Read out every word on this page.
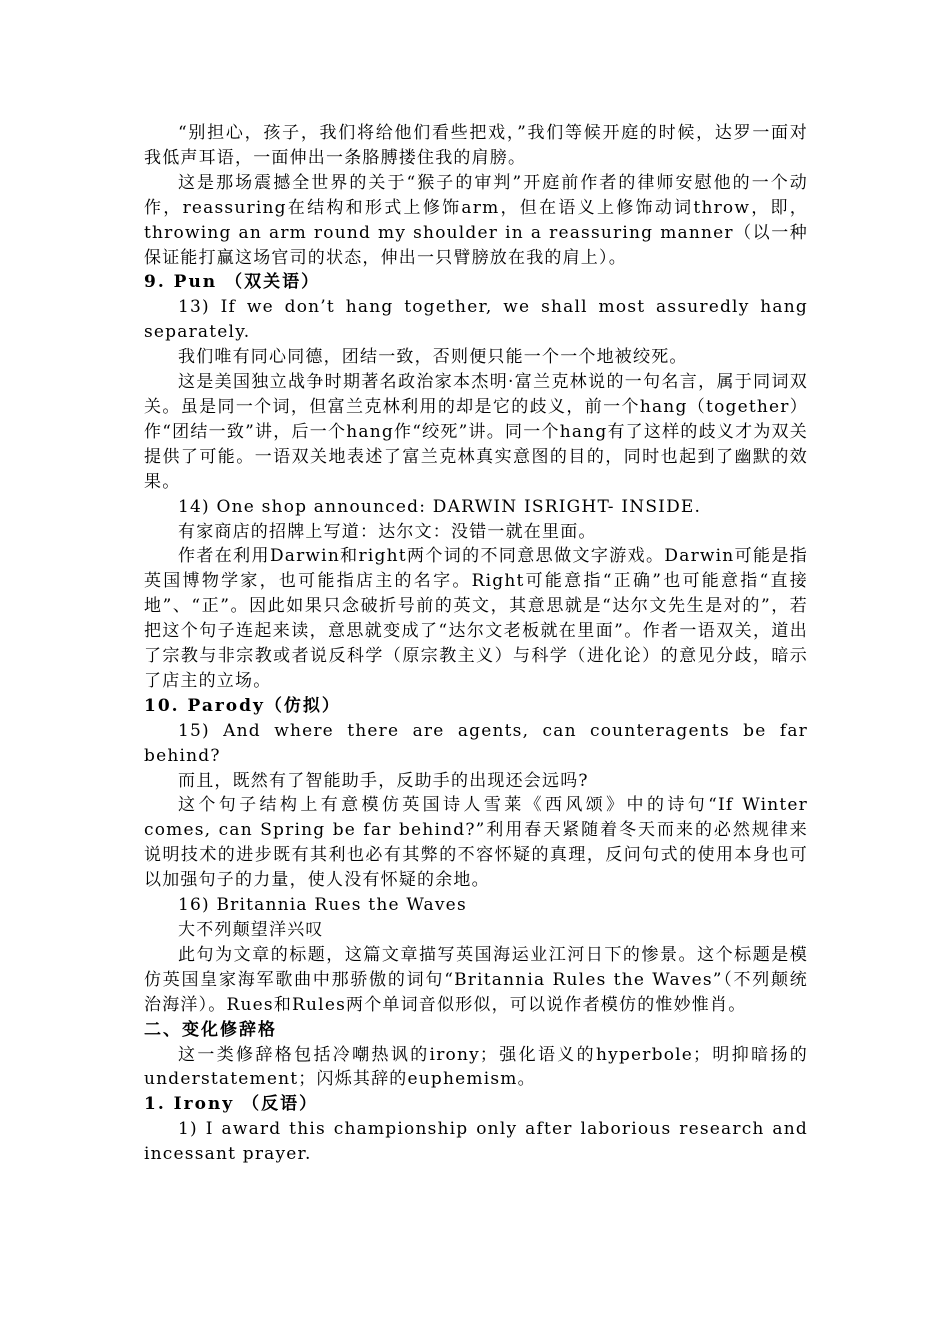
“别担心，孩子，我们将给他们看些把戏，”我们等候开庭的时候，达罗一面对我低声耳语，一面伸出一条胳膊搂住我的肩膀。

这是那场震撼全世界的关于“猴子的审判”开庭前作者的律师安慰他的一个动作，reassuring在结构和形式上修饰arm，但在语义上修饰动词throw，即，throwing an arm round my shoulder in a reassuring manner（以一种保证能打赢这场官司的状态，伸出一只臂膀放在我的肩上）。

9. Pun （双关语）

13) If we don’t hang together, we shall most assuredly hang separately.

我们唯有同心同德，团结一致，否则便只能一个一个地被绞死。

这是美国独立战争时期著名政治家本杰明·富兰克林说的一句名言，属于同词双关。虽是同一个词，但富兰克林利用的却是它的歧义，前一个hang（together）作“团结一致”讲，后一个hang作“绞死”讲。同一个hang有了这样的歧义才为双关提供了可能。一语双关地表述了富兰克林真实意图的目的，同时也起到了幽默的效果。

14) One shop announced: DARWIN ISRIGHT- INSIDE.

有家商店的招牌上写道：达尔文：没错一就在里面。

作者在利用Darwin和right两个词的不同意思做文字游戏。Darwin可能是指英国博物学家，也可能指店主的名字。Right可能意指“正确”也可能意指“直接地”、“正”。因此如果只念破折号前的英文，其意思就是“达尔文先生是对的”，若把这个句子连起来读，意思就变成了“达尔文老板就在里面”。作者一语双关，道出了宗教与非宗教或者说反科学（原宗教主义）与科学（进化论）的意见分歧，暗示了店主的立场。

10. Parody（仿拟）

15) And where there are agents, can counteragents be far behind?

而且，既然有了智能助手，反助手的出现还会远吗?

这个句子结构上有意模仿英国诗人雪莱《西风颂》中的诗句“If Winter comes, can Spring be far behind?”利用春天紧随着冬天而来的必然规律来说明技术的进步既有其利也必有其弊的不容怀疑的真理，反问句式的使用本身也可以加强句子的力量，使人没有怀疑的余地。

16) Britannia Rues the Waves

大不列颠望洋兴叹

此句为文章的标题，这篇文章描写英国海运业江河日下的惨景。这个标题是模仿英国皇家海军歌曲中那骄傲的词句“Britannia Rules the Waves”（不列颠统治海洋）。Rues和Rules两个单词音似形似，可以说作者模仿的惟妙惟肖。

二、变化修辞格

这一类修辞格包括冷嘲热讽的irony；强化语义的hyperbole；明抑暗扬的understatement；闪烁其辞的euphemism。

1. Irony （反语）

1) I award this championship only after laborious research and incessant prayer.
